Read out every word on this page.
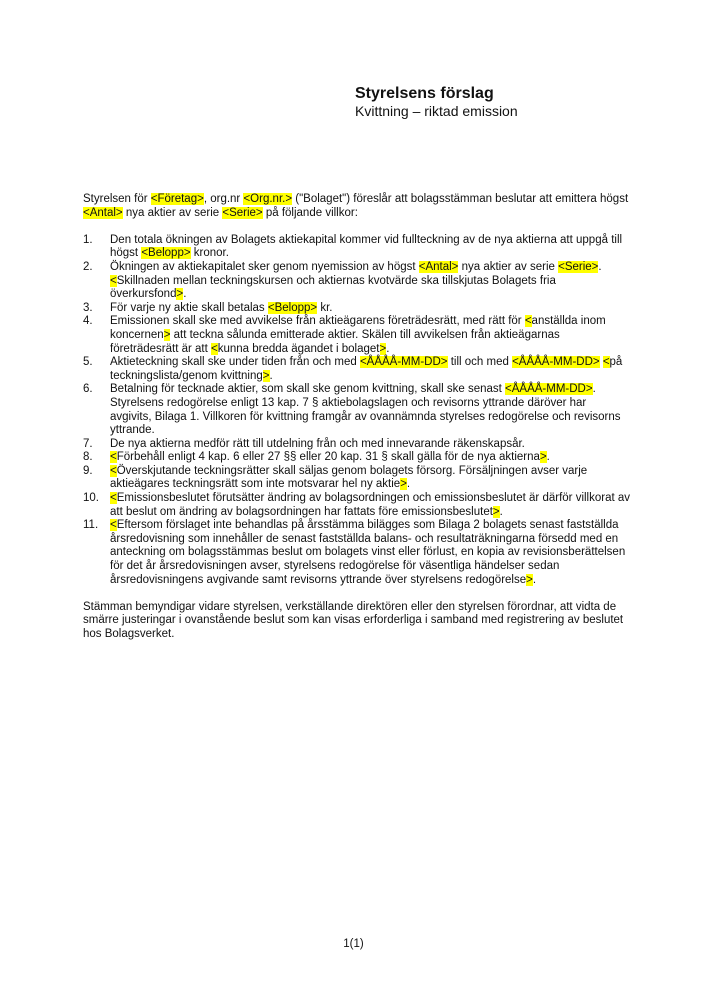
Styrelsens förslag
Kvittning – riktad emission

Styrelsen för <Företag>, org.nr <Org.nr.> ("Bolaget") föreslår att bolagsstämman beslutar att emittera högst <Antal> nya aktier av serie <Serie> på följande villkor:

1.	Den totala ökningen av Bolagets aktiekapital kommer vid fullteckning av de nya aktierna att uppgå till högst <Belopp> kronor.
2.	Ökningen av aktiekapitalet sker genom nyemission av högst <Antal> nya aktier av serie <Serie>. <Skillnaden mellan teckningskursen och aktiernas kvotvärde ska tillskjutas Bolagets fria överkursfond>.
3.	För varje ny aktie skall betalas <Belopp> kr.
4.	Emissionen skall ske med avvikelse från aktieägarens företrädesrätt, med rätt för <anställda inom koncernen> att teckna sålunda emitterade aktier. Skälen till avvikelsen från aktieägarnas företrädesrätt är att <kunna bredda ägandet i bolaget>.
5.	Aktieteckning skall ske under tiden från och med <ÅÅÅÅ-MM-DD> till och med <ÅÅÅÅ-MM-DD> <på teckningslista/genom kvittning>.
6.	Betalning för tecknade aktier, som skall ske genom kvittning, skall ske senast <ÅÅÅÅ-MM-DD>. Styrelsens redogörelse enligt 13 kap. 7 § aktiebolagslagen och revisorns yttrande däröver har avgivits, Bilaga 1. Villkoren för kvittning framgår av ovannämnda styrelses redogörelse och revisorns yttrande.
7.	De nya aktierna medför rätt till utdelning från och med innevarande räkenskapsår.
8.	<Förbehåll enligt 4 kap. 6 eller 27 §§ eller 20 kap. 31 § skall gälla för de nya aktierna>.
9.	<Överskjutande teckningsrätter skall säljas genom bolagets försorg. Försäljningen avser varje aktieägares teckningsrätt som inte motsvarar hel ny aktie>.
10. <Emissionsbeslutet förutsätter ändring av bolagsordningen och emissionsbeslutet är därför villkorat av att beslut om ändring av bolagsordningen har fattats före emissionsbeslutet>.
11.	<Eftersom förslaget inte behandlas på årsstämma bilägges som Bilaga 2 bolagets senast fastställda årsredovisning som innehåller de senast fastställda balans- och resultaträkningarna försedd med en anteckning om bolagsstämmas beslut om bolagets vinst eller förlust, en kopia av revisionsberättelsen för det år årsredovisningen avser, styrelsens redogörelse för väsentliga händelser sedan årsredovisningens avgivande samt revisorns yttrande över styrelsens redogörelse>.

Stämman bemyndigar vidare styrelsen, verkställande direktören eller den styrelsen förordnar, att vidta de smärre justeringar i ovanstående beslut som kan visas erforderliga i samband med registrering av beslutet hos Bolagsverket.

1(1)
